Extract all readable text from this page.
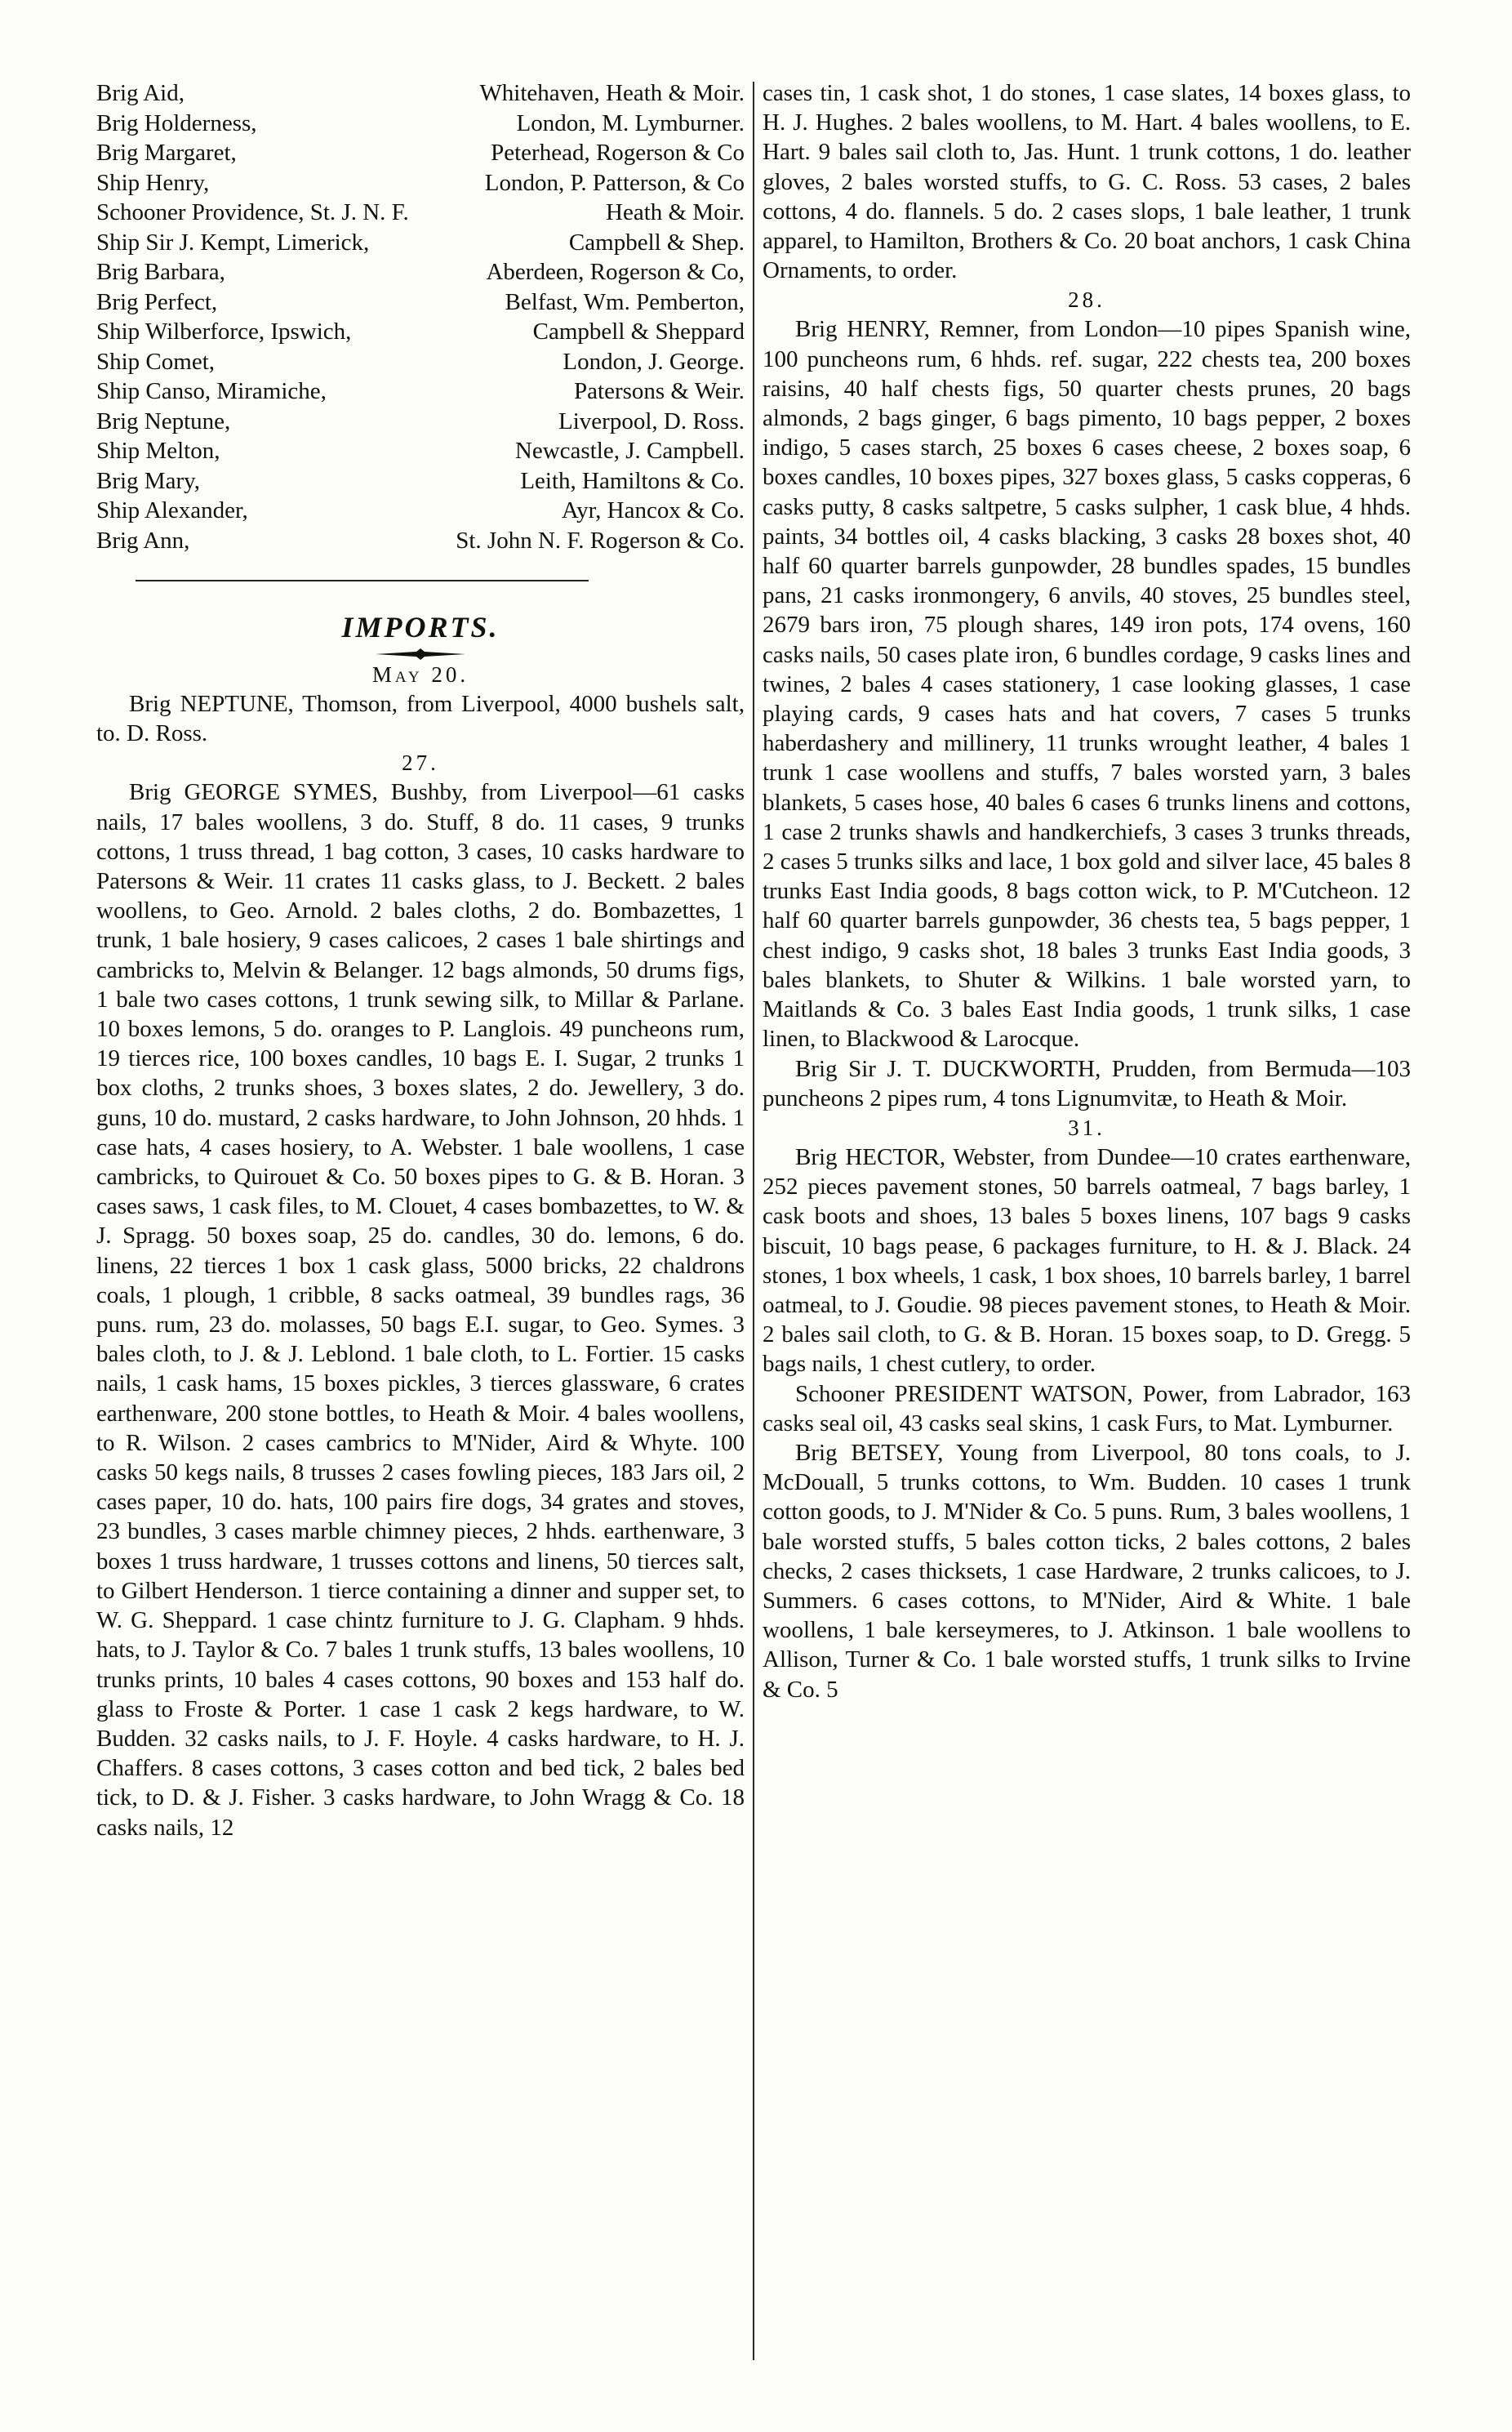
Brig Aid,	Whitehaven, Heath & Moir.
Brig Holderness,	London, M. Lymburner.
Brig Margaret,	Peterhead, Rogerson & Co
Ship Henry,	London, P. Patterson, & Co
Schooner Providence, St. J. N. F.	Heath & Moir.
Ship Sir J. Kempt, Limerick,	Campbell & Shep.
Brig Barbara,	Aberdeen, Rogerson & Co,
Brig Perfect,	Belfast, Wm. Pemberton,
Ship Wilberforce, Ipswich,	Campbell & Sheppard
Ship Comet,	London, J. George.
Ship Canso, Miramiche,	Patersons & Weir.
Brig Neptune,	Liverpool, D. Ross.
Ship Melton,	Newcastle, J. Campbell.
Brig Mary,	Leith, Hamiltons & Co.
Ship Alexander,	Ayr, Hancox & Co.
Brig Ann,	St. John N. F. Rogerson & Co.
IMPORTS.
May 20.

Brig NEPTUNE, Thomson, from Liverpool, 4000 bushels salt, to. D. Ross.

27.

Brig GEORGE SYMES, Bushby, from Liverpool—61 casks nails, 17 bales woollens, 3 do. Stuff, 8 do. 11 cases, 9 trunks cottons, 1 truss thread, 1 bag cotton, 3 cases, 10 casks hardware to Patersons & Weir. 11 crates 11 casks glass, to J. Beckett. 2 bales woollens, to Geo. Arnold. 2 bales cloths, 2 do. Bombazettes, 1 trunk, 1 bale hosiery, 9 cases calicoes, 2 cases 1 bale shirtings and cambricks to, Melvin & Belanger. 12 bags almonds, 50 drums figs, 1 bale two cases cottons, 1 trunk sewing silk, to Millar & Parlane. 10 boxes lemons, 5 do. oranges to P. Langlois. 49 puncheons rum, 19 tierces rice, 100 boxes candles, 10 bags E. I. Sugar, 2 trunks 1 box cloths, 2 trunks shoes, 3 boxes slates, 2 do. Jewellery, 3 do. guns, 10 do. mustard, 2 casks hardware, to John Johnson, 20 hhds. 1 case hats, 4 cases hosiery, to A. Webster. 1 bale woollens, 1 case cambricks, to Quirouet & Co. 50 boxes pipes to G. & B. Horan. 3 cases saws, 1 cask files, to M. Clouet, 4 cases bombazettes, to W. & J. Spragg. 50 boxes soap, 25 do. candles, 30 do. lemons, 6 do. linens, 22 tierces 1 box 1 cask glass, 5000 bricks, 22 chaldrons coals, 1 plough, 1 cribble, 8 sacks oatmeal, 39 bundles rags, 36 puns. rum, 23 do. molasses, 50 bags E.I. sugar, to Geo. Symes. 3 bales cloth, to J. & J. Leblond. 1 bale cloth, to L. Fortier. 15 casks nails, 1 cask hams, 15 boxes pickles, 3 tierces glassware, 6 crates earthenware, 200 stone bottles, to Heath & Moir. 4 bales woollens, to R. Wilson. 2 cases cambrics to M'Nider, Aird & Whyte. 100 casks 50 kegs nails, 8 trusses 2 cases fowling pieces, 183 Jars oil, 2 cases paper, 10 do. hats, 100 pairs fire dogs, 34 grates and stoves, 23 bundles, 3 cases marble chimney pieces, 2 hhds. earthenware, 3 boxes 1 truss hardware, 1 trusses cottons and linens, 50 tierces salt, to Gilbert Henderson. 1 tierce containing a dinner and supper set, to W. G. Sheppard. 1 case chintz furniture to J. G. Clapham. 9 hhds. hats, to J. Taylor & Co. 7 bales 1 trunk stuffs, 13 bales woollens, 10 trunks prints, 10 bales 4 cases cottons, 90 boxes and 153 half do. glass to Froste & Porter. 1 case 1 cask 2 kegs hardware, to W. Budden. 32 casks nails, to J. F. Hoyle. 4 casks hardware, to H. J. Chaffers. 8 cases cottons, 3 cases cotton and bed tick, 2 bales bed tick, to D. & J. Fisher. 3 casks hardware, to John Wragg & Co. 18 casks nails, 12

cases tin, 1 cask shot, 1 do stones, 1 case slates, 14 boxes glass, to H. J. Hughes. 2 bales woollens, to M. Hart. 4 bales woollens, to E. Hart. 9 bales sail cloth to, Jas. Hunt. 1 trunk cottons, 1 do. leather gloves, 2 bales worsted stuffs, to G. C. Ross. 53 cases, 2 bales cottons, 4 do. flannels. 5 do. 2 cases slops, 1 bale leather, 1 trunk apparel, to Hamilton, Brothers & Co. 20 boat anchors, 1 cask China Ornaments, to order.

28.

Brig HENRY, Remner, from London—10 pipes Spanish wine, 100 puncheons rum, 6 hhds. ref. sugar, 222 chests tea, 200 boxes raisins, 40 half chests figs, 50 quarter chests prunes, 20 bags almonds, 2 bags ginger, 6 bags pimento, 10 bags pepper, 2 boxes indigo, 5 cases starch, 25 boxes 6 cases cheese, 2 boxes soap, 6 boxes candles, 10 boxes pipes, 327 boxes glass, 5 casks copperas, 6 casks putty, 8 casks saltpetre, 5 casks sulpher, 1 cask blue, 4 hhds. paints, 34 bottles oil, 4 casks blacking, 3 casks 28 boxes shot, 40 half 60 quarter barrels gunpowder, 28 bundles spades, 15 bundles pans, 21 casks ironmongery, 6 anvils, 40 stoves, 25 bundles steel, 2679 bars iron, 75 plough shares, 149 iron pots, 174 ovens, 160 casks nails, 50 cases plate iron, 6 bundles cordage, 9 casks lines and twines, 2 bales 4 cases stationery, 1 case looking glasses, 1 case playing cards, 9 cases hats and hat covers, 7 cases 5 trunks haberdashery and millinery, 11 trunks wrought leather, 4 bales 1 trunk 1 case woollens and stuffs, 7 bales worsted yarn, 3 bales blankets, 5 cases hose, 40 bales 6 cases 6 trunks linens and cottons, 1 case 2 trunks shawls and handkerchiefs, 3 cases 3 trunks threads, 2 cases 5 trunks silks and lace, 1 box gold and silver lace, 45 bales 8 trunks East India goods, 8 bags cotton wick, to P. M'Cutcheon. 12 half 60 quarter barrels gunpowder, 36 chests tea, 5 bags pepper, 1 chest indigo, 9 casks shot, 18 bales 3 trunks East India goods, 3 bales blankets, to Shuter & Wilkins. 1 bale worsted yarn, to Maitlands & Co. 3 bales East India goods, 1 trunk silks, 1 case linen, to Blackwood & Larocque.

Brig Sir J. T. DUCKWORTH, Prudden, from Bermuda—103 puncheons 2 pipes rum, 4 tons Lignumvitæ, to Heath & Moir.

31.

Brig HECTOR, Webster, from Dundee—10 crates earthenware, 252 pieces pavement stones, 50 barrels oatmeal, 7 bags barley, 1 cask boots and shoes, 13 bales 5 boxes linens, 107 bags 9 casks biscuit, 10 bags pease, 6 packages furniture, to H. & J. Black. 24 stones, 1 box wheels, 1 cask, 1 box shoes, 10 barrels barley, 1 barrel oatmeal, to J. Goudie. 98 pieces pavement stones, to Heath & Moir. 2 bales sail cloth, to G. & B. Horan. 15 boxes soap, to D. Gregg. 5 bags nails, 1 chest cutlery, to order.

Schooner PRESIDENT WATSON, Power, from Labrador, 163 casks seal oil, 43 casks seal skins, 1 cask Furs, to Mat. Lymburner.

Brig BETSEY, Young from Liverpool, 80 tons coals, to J. McDouall, 5 trunks cottons, to Wm. Budden. 10 cases 1 trunk cotton goods, to J. M'Nider & Co. 5 puns. Rum, 3 bales woollens, 1 bale worsted stuffs, 5 bales cotton ticks, 2 bales cottons, 2 bales checks, 2 cases thicksets, 1 case Hardware, 2 trunks calicoes, to J. Summers. 6 cases cottons, to M'Nider, Aird & White. 1 bale woollens, 1 bale kerseymeres, to J. Atkinson. 1 bale woollens to Allison, Turner & Co. 1 bale worsted stuffs, 1 trunk silks to Irvine & Co. 5
